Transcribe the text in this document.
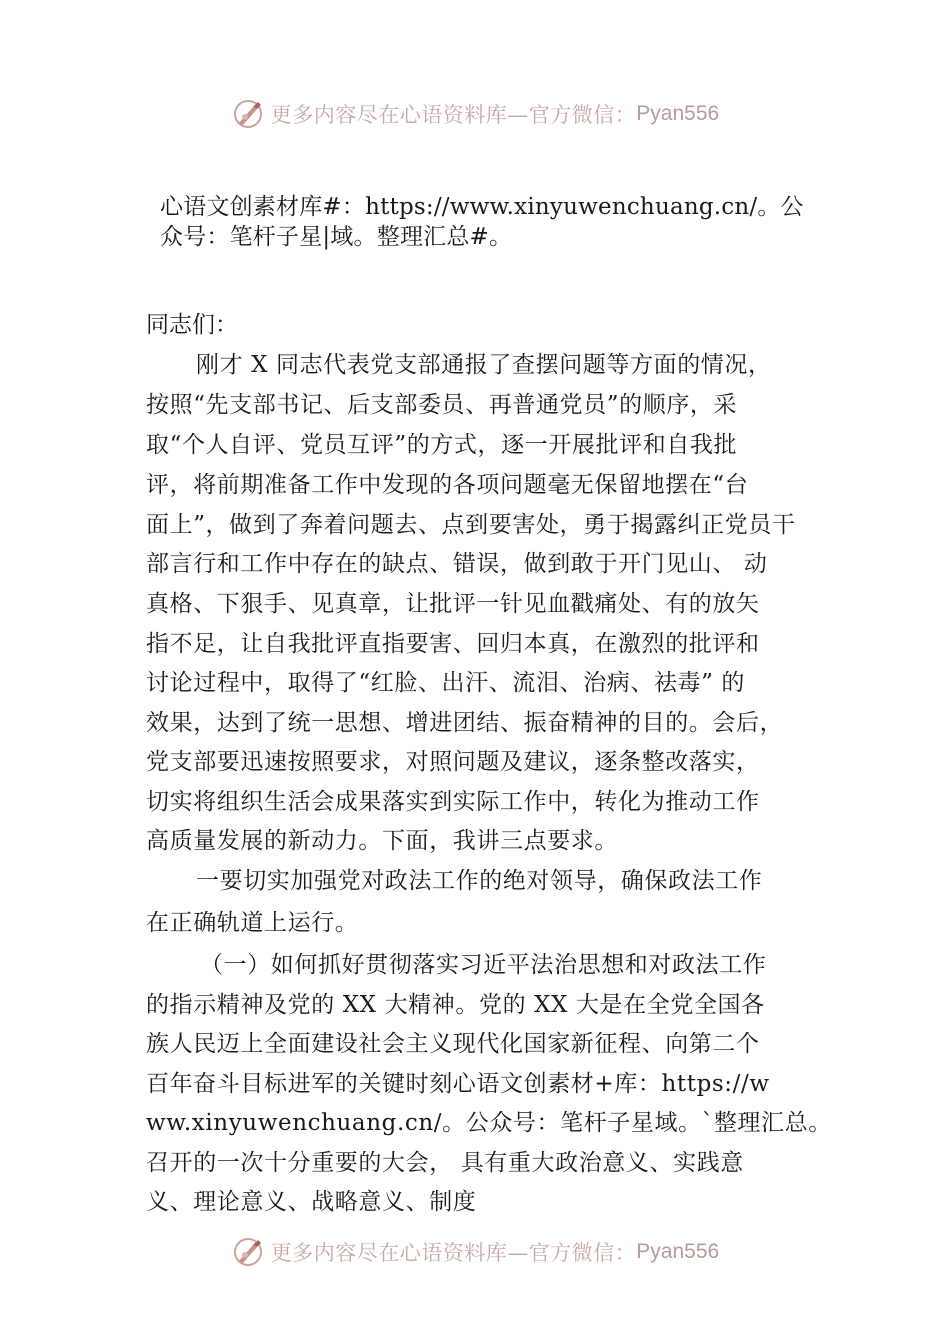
更多内容尽在心语资料库—官方微信： Pyan556
心语文创素材库#：https://www.xinyuwenchuang.cn/。公众号：笔杆子星|域。整理汇总#。

同志们：

刚才 X 同志代表党支部通报了查摆问题等方面的情况，

按照“先支部书记、后支部委员、再普通党员”的顺序，采

取“个人自评、党员互评”的方式，逐一开展批评和自我批

评，将前期准备工作中发现的各项问题毫无保留地摆在“台

面上”，做到了奔着问题去、点到要害处，勇于揭露纠正党员干

部言行和工作中存在的缺点、错误，做到敢于开门见山、 动

真格、下狠手、见真章，让批评一针见血戳痛处、有的放矢

指不足，让自我批评直指要害、回归本真，在激烈的批评和

讨论过程中，取得了“红脸、出汗、流泪、治病、祛毒” 的

效果，达到了统一思想、增进团结、振奋精神的目的。会后，

党支部要迅速按照要求，对照问题及建议，逐条整改落实，

切实将组织生活会成果落实到实际工作中，转化为推动工作

高质量发展的新动力。下面，我讲三点要求。

一要切实加强党对政法工作的绝对领导，确保政法工作

在正确轨道上运行。

（一）如何抓好贯彻落实习近平法治思想和对政法工作

的指示精神及党的 XX 大精神。党的 XX 大是在全党全国各

族人民迈上全面建设社会主义现代化国家新征程、向第二个

百年奋斗目标进军的关键时刻心语文创素材+库：https://w

ww.xinyuwenchuang.cn/。公众号：笔杆子星域。`整理汇总。

召开的一次十分重要的大会， 具有重大政治意义、实践意

义、理论意义、战略意义、制度

更多内容尽在心语资料库—官方微信： Pyan556
